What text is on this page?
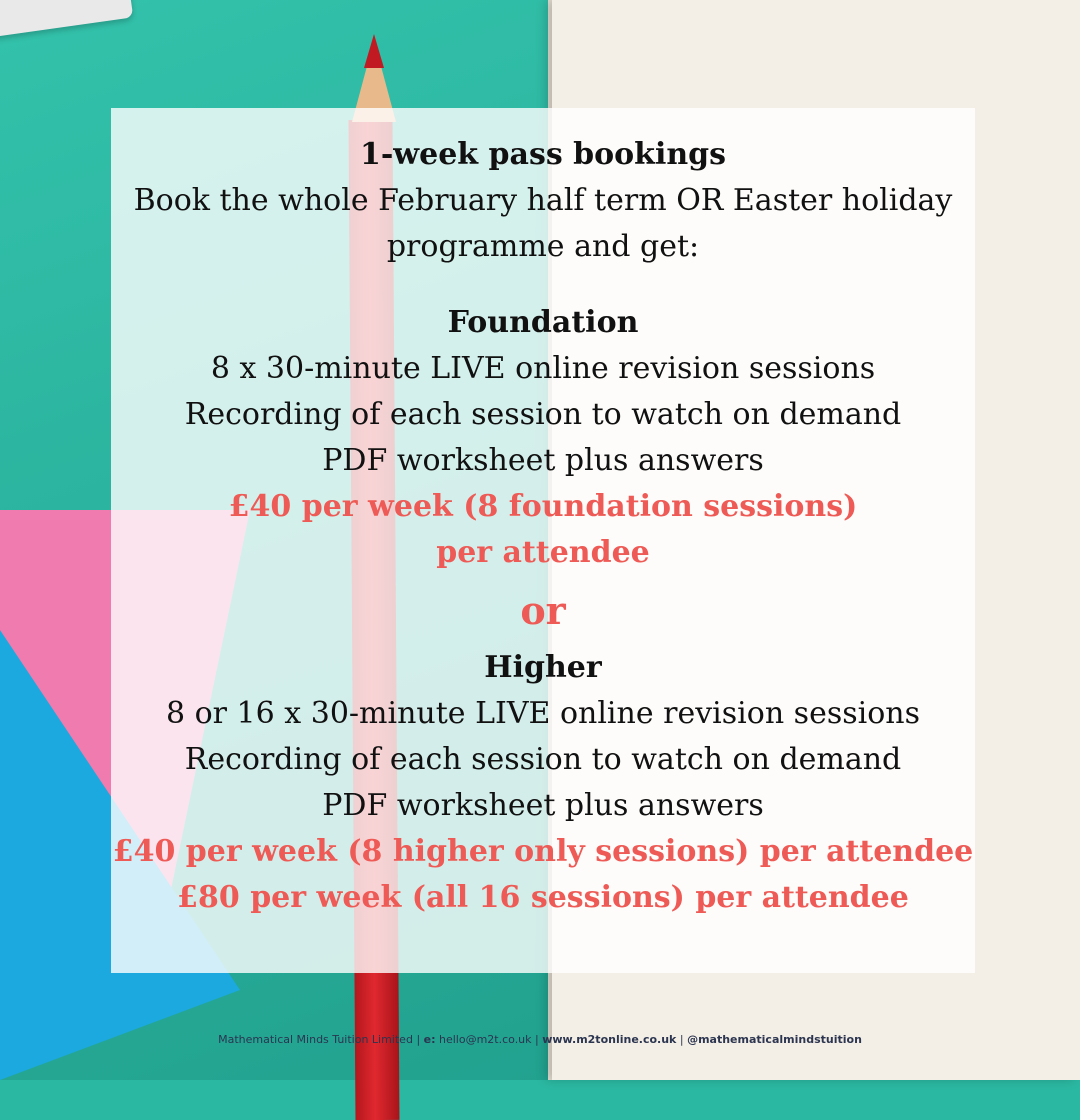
1-week pass bookings
Book the whole February half term OR Easter holiday
programme and get:
Foundation
8 x 30-minute LIVE online revision sessions
Recording of each session to watch on demand
PDF worksheet plus answers
£40 per week (8 foundation sessions)
per attendee
or
Higher
8 or 16 x 30-minute LIVE online revision sessions
Recording of each session to watch on demand
PDF worksheet plus answers
£40 per week (8 higher only sessions) per attendee
£80 per week (all 16 sessions) per attendee
Mathematical Minds Tuition Limited | e: hello@m2t.co.uk | www.m2tonline.co.uk | @mathematicalmindstuition
